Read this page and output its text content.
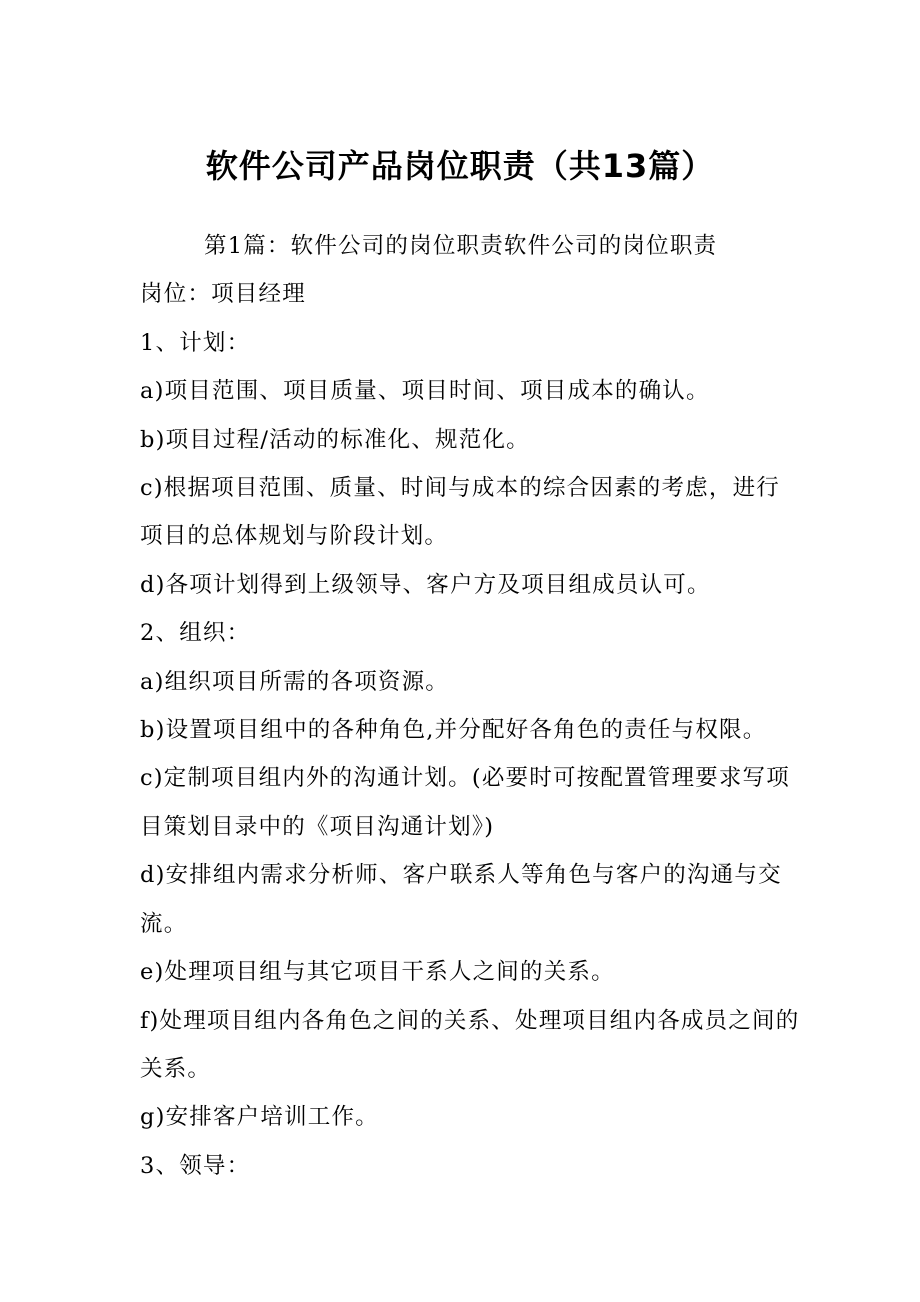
软件公司产品岗位职责（共13篇）

第1篇：软件公司的岗位职责软件公司的岗位职责

岗位：项目经理

1、计划：

a)项目范围、项目质量、项目时间、项目成本的确认。

b)项目过程/活动的标准化、规范化。

c)根据项目范围、质量、时间与成本的综合因素的考虑，进行项目的总体规划与阶段计划。

d)各项计划得到上级领导、客户方及项目组成员认可。

2、组织：

a)组织项目所需的各项资源。

b)设置项目组中的各种角色,并分配好各角色的责任与权限。

c)定制项目组内外的沟通计划。(必要时可按配置管理要求写项目策划目录中的《项目沟通计划》)

d)安排组内需求分析师、客户联系人等角色与客户的沟通与交流。

e)处理项目组与其它项目干系人之间的关系。

f)处理项目组内各角色之间的关系、处理项目组内各成员之间的关系。

g)安排客户培训工作。

3、领导：
